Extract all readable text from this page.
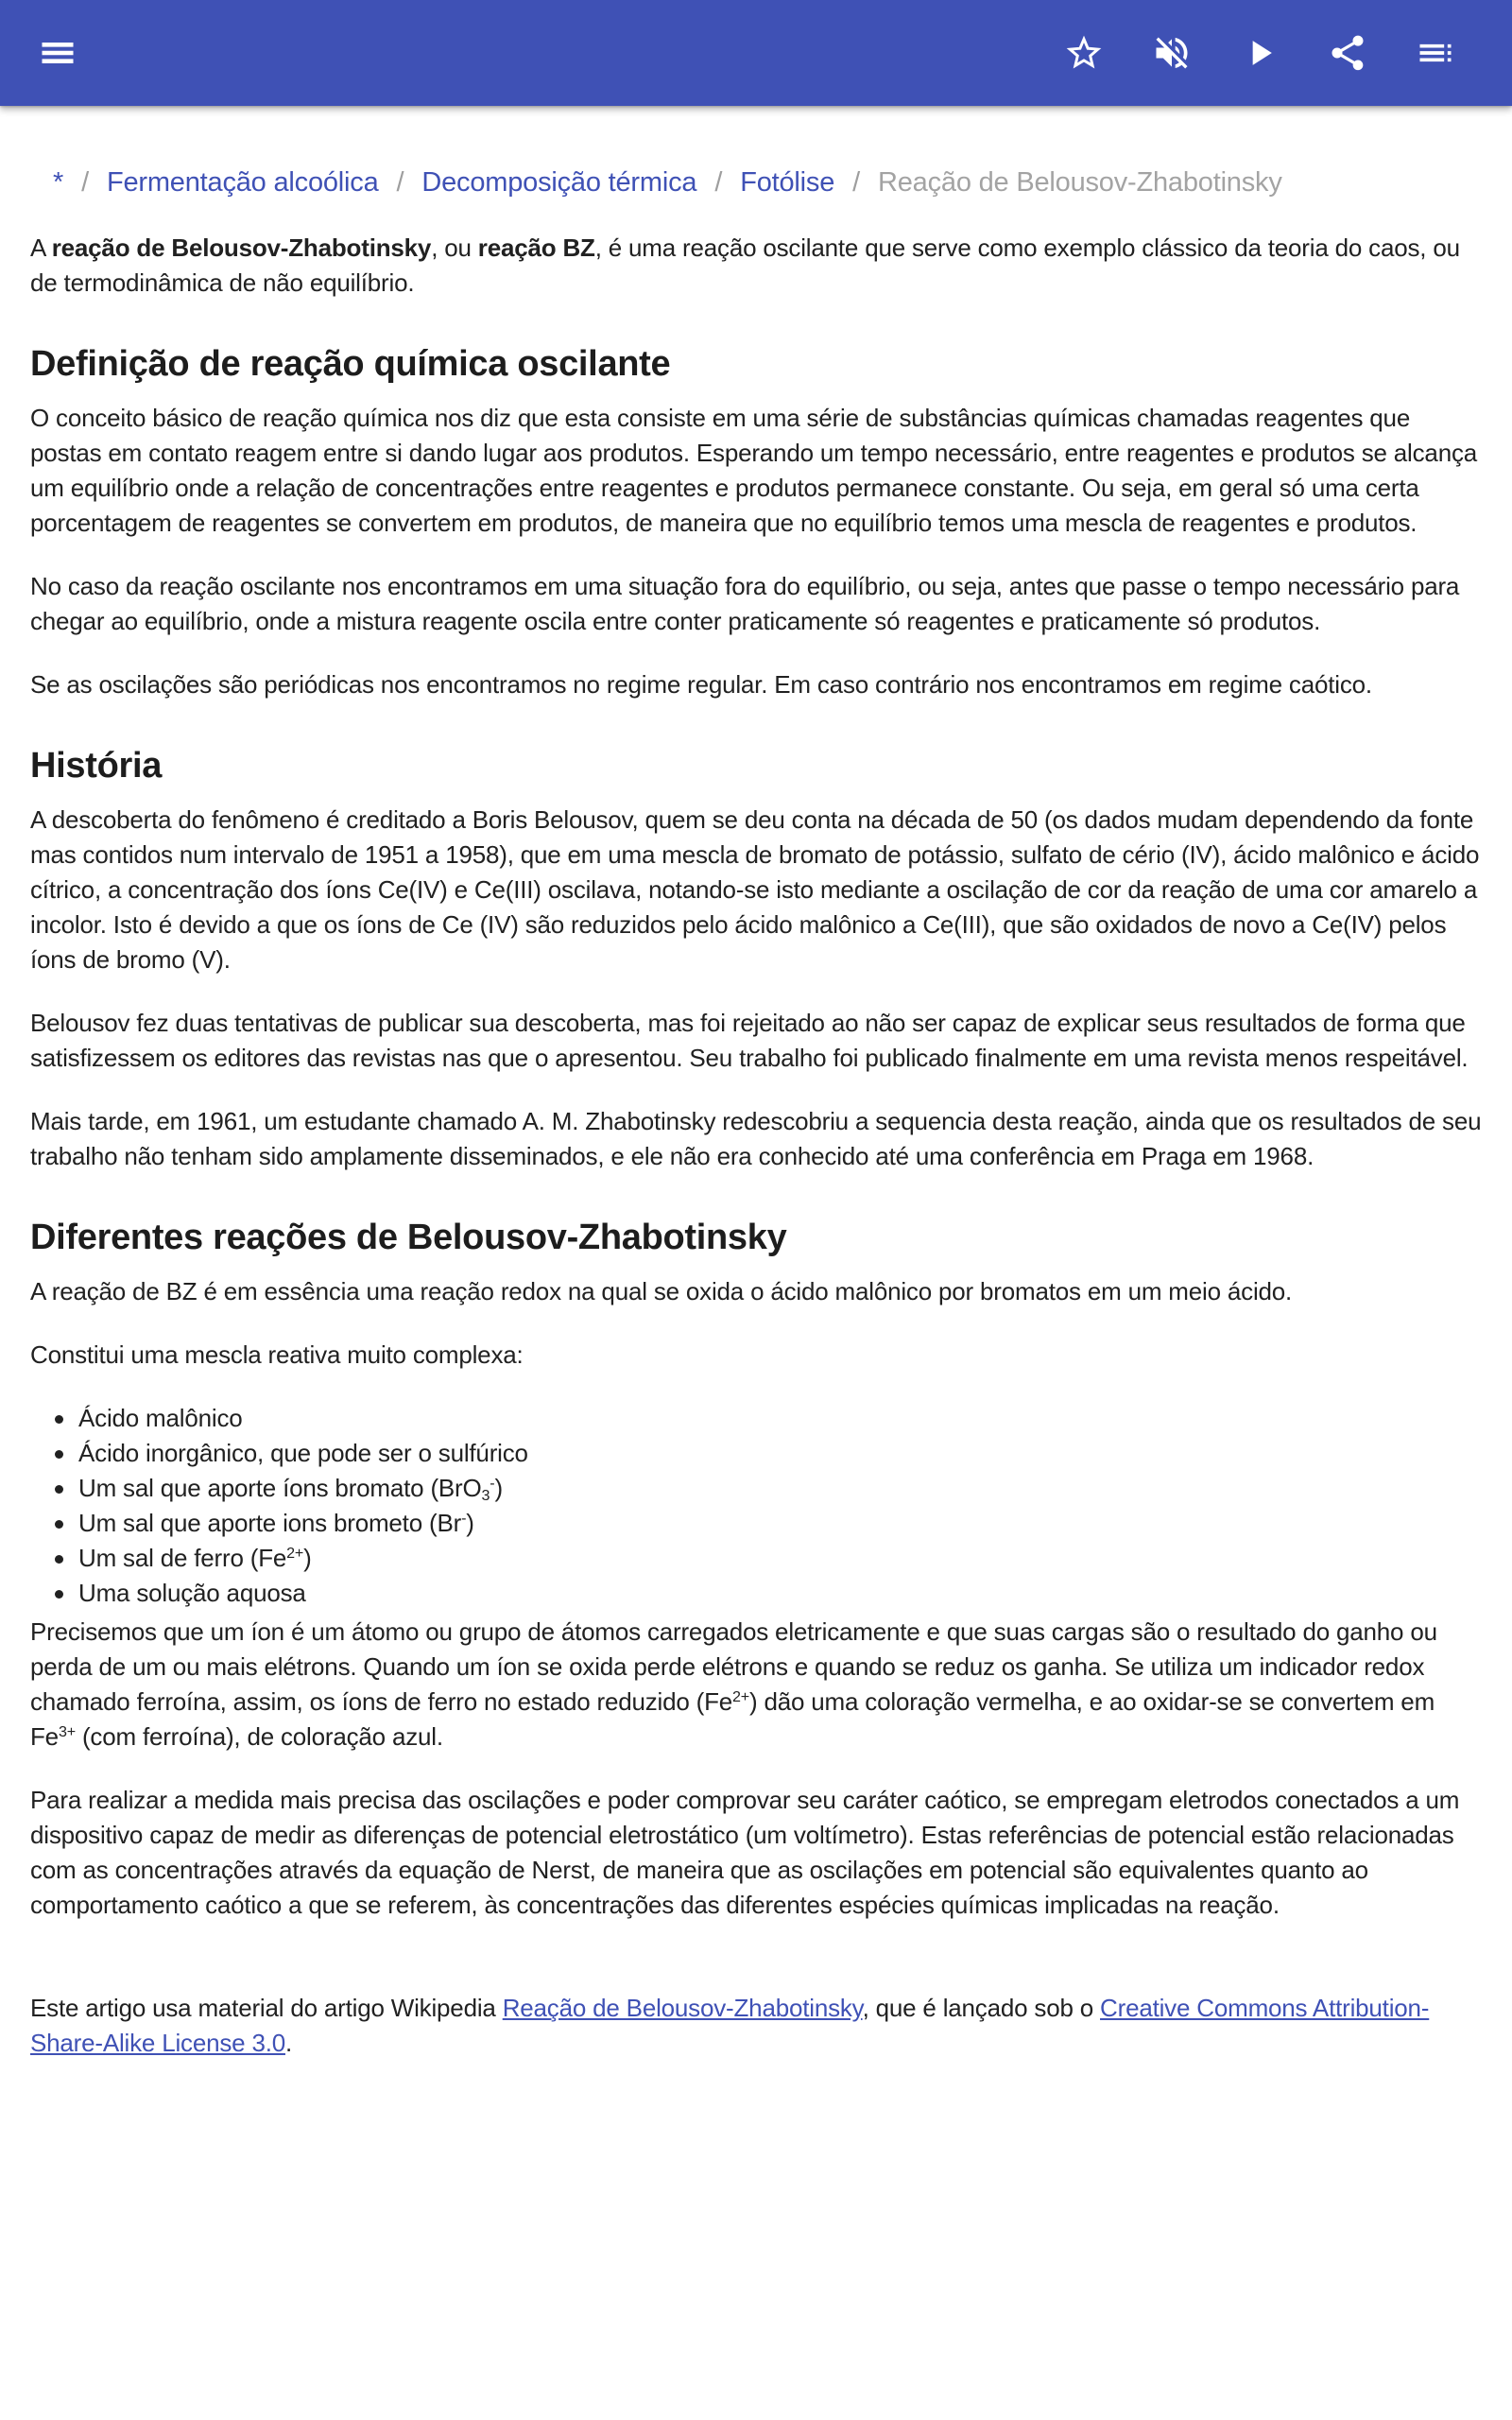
* / Fermentação alcoólica / Decomposição térmica / Fotólise / Reação de Belousov-Zhabotinsky

A reação de Belousov-Zhabotinsky, ou reação BZ, é uma reação oscilante que serve como exemplo clássico da teoria do caos, ou de termodinâmica de não equilíbrio.

Definição de reação química oscilante

O conceito básico de reação química nos diz que esta consiste em uma série de substâncias químicas chamadas reagentes que postas em contato reagem entre si dando lugar aos produtos. Esperando um tempo necessário, entre reagentes e produtos se alcança um equilíbrio onde a relação de concentrações entre reagentes e produtos permanece constante. Ou seja, em geral só uma certa porcentagem de reagentes se convertem em produtos, de maneira que no equilíbrio temos uma mescla de reagentes e produtos.

No caso da reação oscilante nos encontramos em uma situação fora do equilíbrio, ou seja, antes que passe o tempo necessário para chegar ao equilíbrio, onde a mistura reagente oscila entre conter praticamente só reagentes e praticamente só produtos.

Se as oscilações são periódicas nos encontramos no regime regular. Em caso contrário nos encontramos em regime caótico.

História

A descoberta do fenômeno é creditado a Boris Belousov, quem se deu conta na década de 50 (os dados mudam dependendo da fonte mas contidos num intervalo de 1951 a 1958), que em uma mescla de bromato de potássio, sulfato de cério (IV), ácido malônico e ácido cítrico, a concentração dos íons Ce(IV) e Ce(III) oscilava, notando-se isto mediante a oscilação de cor da reação de uma cor amarelo a incolor. Isto é devido a que os íons de Ce (IV) são reduzidos pelo ácido malônico a Ce(III), que são oxidados de novo a Ce(IV) pelos íons de bromo (V).

Belousov fez duas tentativas de publicar sua descoberta, mas foi rejeitado ao não ser capaz de explicar seus resultados de forma que satisfizessem os editores das revistas nas que o apresentou. Seu trabalho foi publicado finalmente em uma revista menos respeitável.

Mais tarde, em 1961, um estudante chamado A. M. Zhabotinsky redescobriu a sequencia desta reação, ainda que os resultados de seu trabalho não tenham sido amplamente disseminados, e ele não era conhecido até uma conferência em Praga em 1968.

Diferentes reações de Belousov-Zhabotinsky

A reação de BZ é em essência uma reação redox na qual se oxida o ácido malônico por bromatos em um meio ácido.

Constitui uma mescla reativa muito complexa:

Ácido malônico
Ácido inorgânico, que pode ser o sulfúrico
Um sal que aporte íons bromato (BrO$_3$-)
Um sal que aporte ions brometo (Br-)
Um sal de ferro $(Fe^{2+})$
Uma solução aquosa

Precisemos que um íon é um átomo ou grupo de átomos carregados eletricamente e que suas cargas são o resultado do ganho ou perda de um ou mais elétrons. Quando um íon se oxida perde elétrons e quando se reduz os ganha. Se utiliza um indicador redox chamado ferroína, assim, os íons de ferro no estado reduzido $(Fe^{2+})$ dão uma coloração vermelha, e ao oxidar-se se convertem em $Fe^{3+}$ (com ferroína), de coloração azul.

Para realizar a medida mais precisa das oscilações e poder comprovar seu caráter caótico, se empregam eletrodos conectados a um dispositivo capaz de medir as diferenças de potencial eletrostático (um voltímetro). Estas referências de potencial estão relacionadas com as concentrações através da equação de Nerst, de maneira que as oscilações em potencial são equivalentes quanto ao comportamento caótico a que se referem, às concentrações das diferentes espécies químicas implicadas na reação.

Este artigo usa material do artigo Wikipedia Reação de Belousov-Zhabotinsky, que é lançado sob o Creative Commons Attribution-Share-Alike License 3.0.
